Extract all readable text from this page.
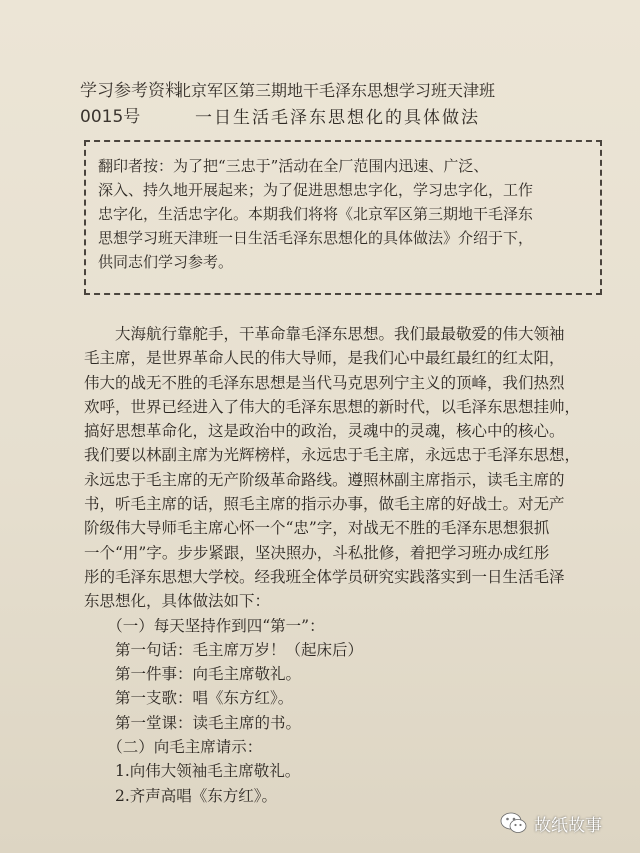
学习参考资料
0015号
北京军区第三期地干毛泽东思想学习班天津班
一日生活毛泽东思想化的具体做法
翻印者按：为了把“三忠于”活动在全厂范围内迅速、广泛、
深入、持久地开展起来；为了促进思想忠字化，学习忠字化，工作
忠字化，生活忠字化。本期我们将将《北京军区第三期地干毛泽东
思想学习班天津班一日生活毛泽东思想化的具体做法》介绍于下，
供同志们学习参考。
　　大海航行靠舵手，干革命靠毛泽东思想。我们最最敬爱的伟大领袖
毛主席，是世界革命人民的伟大导师，是我们心中最红最红的红太阳，
伟大的战无不胜的毛泽东思想是当代马克思列宁主义的顶峰，我们热烈
欢呼，世界已经进入了伟大的毛泽东思想的新时代，以毛泽东思想挂帅，
搞好思想革命化，这是政治中的政治，灵魂中的灵魂，核心中的核心。
我们要以林副主席为光辉榜样，永远忠于毛主席，永远忠于毛泽东思想，
永远忠于毛主席的无产阶级革命路线。遵照林副主席指示，读毛主席的
书，听毛主席的话，照毛主席的指示办事，做毛主席的好战士。对无产
阶级伟大导师毛主席心怀一个“忠”字，对战无不胜的毛泽东思想狠抓
一个“用”字。步步紧跟，坚决照办，斗私批修，着把学习班办成红彤
彤的毛泽东思想大学校。经我班全体学员研究实践落实到一日生活毛泽
东思想化，具体做法如下：
　　（一）每天坚持作到四“第一”：
　　第一句话：毛主席万岁！（起床后）
　　第一件事：向毛主席敬礼。
　　第一支歌：唱《东方红》。
　　第一堂课：读毛主席的书。
　　（二）向毛主席请示：
　　1.向伟大领袖毛主席敬礼。
　　2.齐声高唱《东方红》。
故纸故事
